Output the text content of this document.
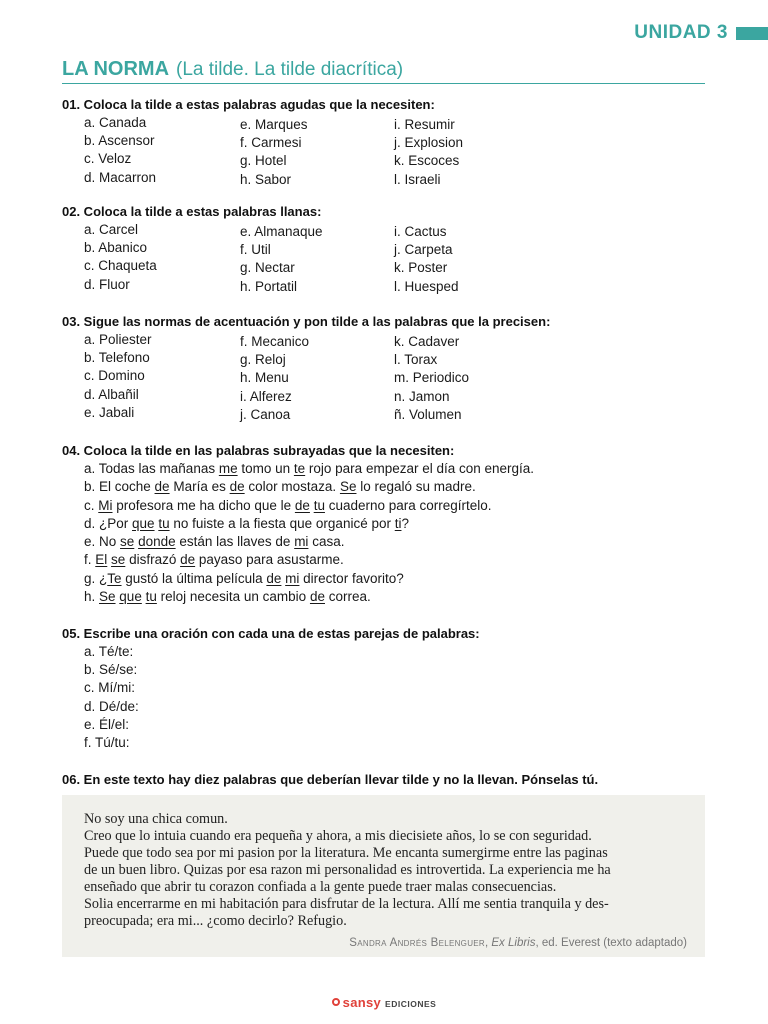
UNIDAD 3
LA NORMA (La tilde. La tilde diacrítica)
01. Coloca la tilde a estas palabras agudas que la necesiten:
a. Canada
b. Ascensor
c. Veloz
d. Macarron
e. Marques
f. Carmesi
g. Hotel
h. Sabor
i. Resumir
j. Explosion
k. Escoces
l. Israeli
02. Coloca la tilde a estas palabras llanas:
a. Carcel
b. Abanico
c. Chaqueta
d. Fluor
e. Almanaque
f. Util
g. Nectar
h. Portatil
i. Cactus
j. Carpeta
k. Poster
l. Huesped
03. Sigue las normas de acentuación y pon tilde a las palabras que la precisen:
a. Poliester
b. Telefono
c. Domino
d. Albañil
e. Jabali
f. Mecanico
g. Reloj
h. Menu
i. Alferez
j. Canoa
k. Cadaver
l. Torax
m. Periodico
n. Jamon
ñ. Volumen
04. Coloca la tilde en las palabras subrayadas que la necesiten:
a. Todas las mañanas me tomo un te rojo para empezar el día con energía.
b. El coche de María es de color mostaza. Se lo regaló su madre.
c. Mi profesora me ha dicho que le de tu cuaderno para corregírtelo.
d. ¿Por que tu no fuiste a la fiesta que organicé por ti?
e. No se donde están las llaves de mi casa.
f. El se disfrazó de payaso para asustarme.
g. ¿Te gustó la última película de mi director favorito?
h. Se que tu reloj necesita un cambio de correa.
05. Escribe una oración con cada una de estas parejas de palabras:
a. Té/te:
b. Sé/se:
c. Mí/mi:
d. Dé/de:
e. Él/el:
f. Tú/tu:
06. En este texto hay diez palabras que deberían llevar tilde y no la llevan. Pónselas tú.

No soy una chica comun.

Creo que lo intuia cuando era pequeña y ahora, a mis diecisiete años, lo se con seguridad.

Puede que todo sea por mi pasion por la literatura. Me encanta sumergirme entre las paginas

de un buen libro. Quizas por esa razon mi personalidad es introvertida. La experiencia me ha

enseñado que abrir tu corazon confiada a la gente puede traer malas consecuencias.

Solia encerrarme en mi habitación para disfrutar de la lectura. Allí me sentia tranquila y des-

preocupada; era mi... ¿como decirlo? Refugio.

Sandra Andrés Belenguer, Ex Libris, ed. Everest (texto adaptado)
sansy EDICIONES
